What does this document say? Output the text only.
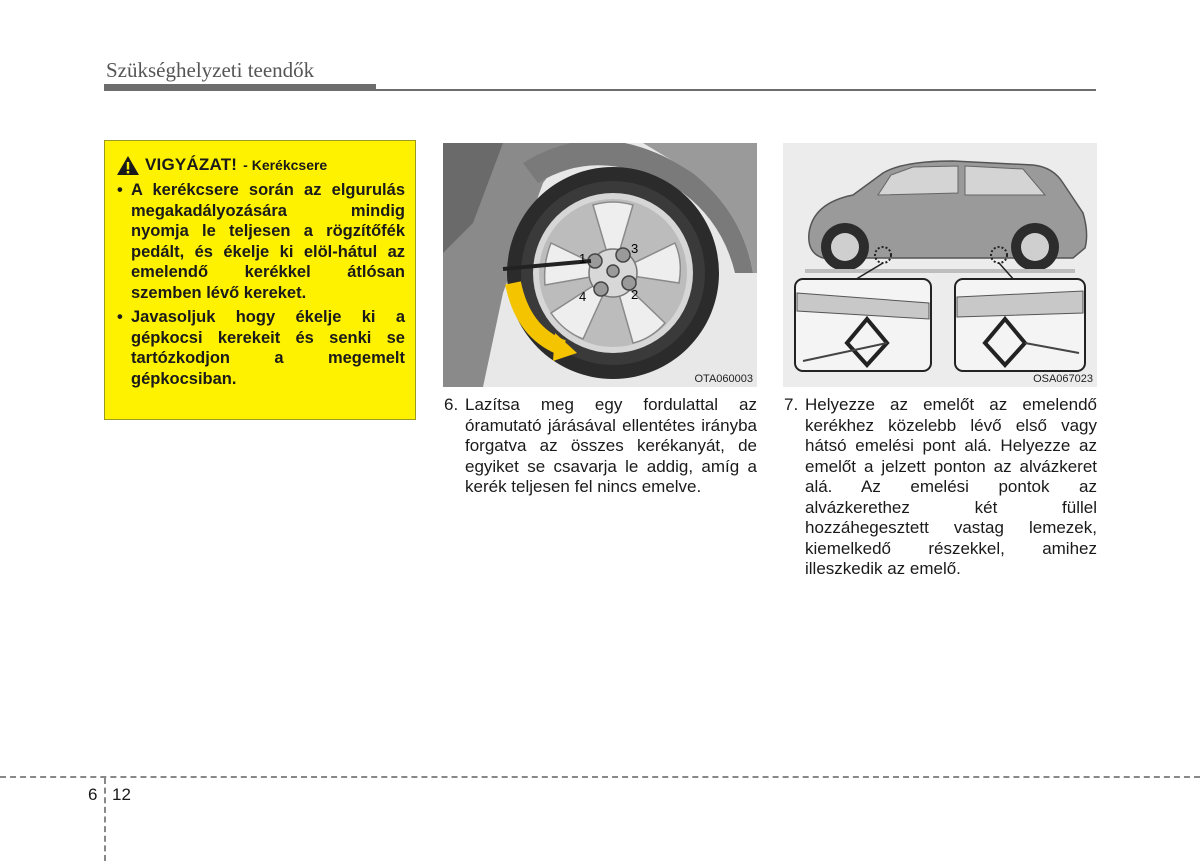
Szükséghelyzeti teendők
VIGYÁZAT! - Kerékcsere
• A kerékcsere során az elgurulás megakadályozására mindig nyomja le teljesen a rögzítőfék pedált, és ékelje ki elöl-hátul az emelendő kerékkel átlósan szemben lévő kereket.
• Javasoljuk hogy ékelje ki a gépkocsi kerekeit és senki se tartózkodjon a megemelt gépkocsiban.
1
2
3
4
OTA060003	OSA067023
6. Lazítsa meg egy fordulattal az óramutató járásával ellentétes irányba forgatva az összes kerékanyát, de egyiket se csavarja le addig, amíg a kerék teljesen fel nincs emelve.
7. Helyezze az emelőt az emelendő kerékhez közelebb lévő első vagy hátsó emelési pont alá. Helyezze az emelőt a jelzett ponton az alvázkeret alá. Az emelési pontok az alvázkerethez két füllel hozzáhegesztett vastag lemezek, kiemelkedő részekkel, amihez illeszkedik az emelő.
6 12
